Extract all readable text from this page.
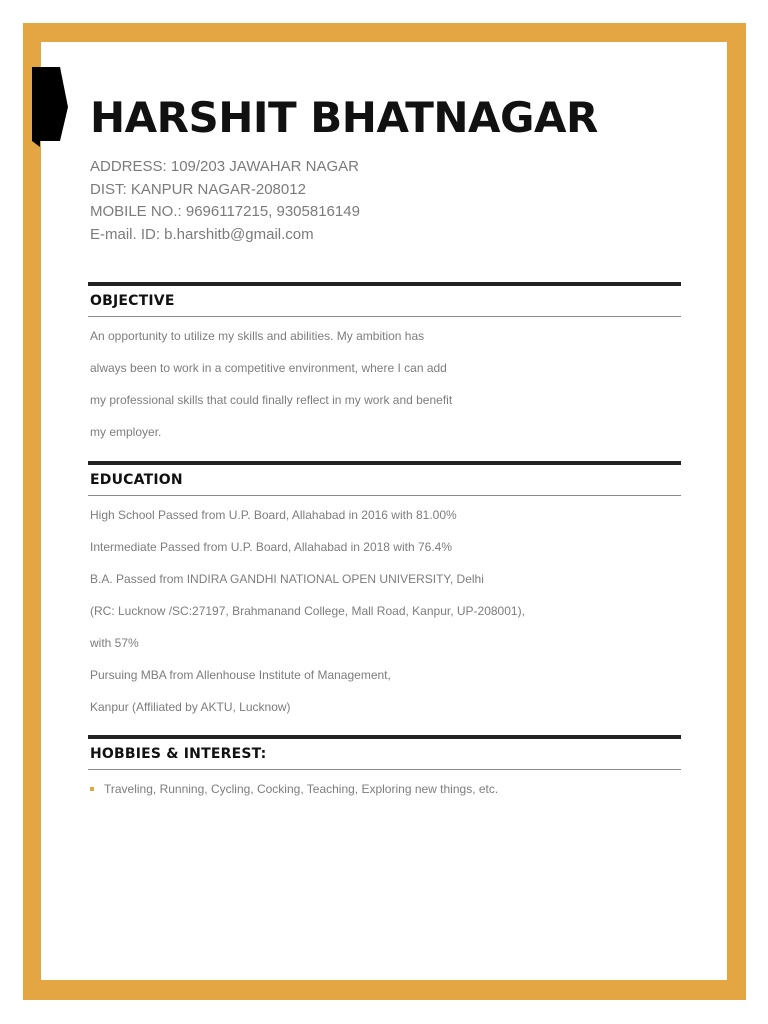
HARSHIT BHATNAGAR
ADDRESS: 109/203 JAWAHAR NAGAR
DIST: KANPUR NAGAR-208012
MOBILE NO.: 9696117215, 9305816149
E-mail. ID: b.harshitb@gmail.com
OBJECTIVE
An opportunity to utilize my skills and abilities. My ambition has
always been to work in a competitive environment, where I can add
my professional skills that could finally reflect in my work and benefit
my employer.
EDUCATION
High School Passed from U.P. Board, Allahabad in 2016 with 81.00%
Intermediate Passed from U.P. Board, Allahabad in 2018 with 76.4%
B.A. Passed from INDIRA GANDHI NATIONAL OPEN UNIVERSITY, Delhi
(RC: Lucknow /SC:27197, Brahmanand College, Mall Road, Kanpur, UP-208001),
with 57%
Pursuing MBA from Allenhouse Institute of Management,
Kanpur (Affiliated by AKTU, Lucknow)
HOBBIES & INTEREST:
Traveling, Running, Cycling, Cocking, Teaching, Exploring new things, etc.
